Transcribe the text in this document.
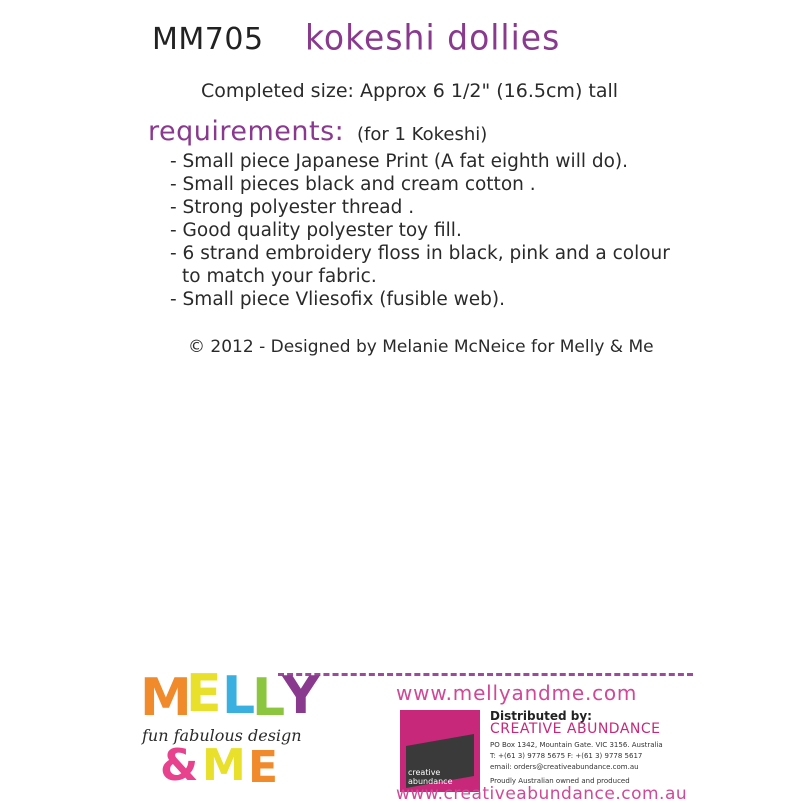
MM705 kokeshi dollies
Completed size: Approx 6 1/2" (16.5cm) tall
requirements: (for 1 Kokeshi)
- Small piece Japanese Print (A fat eighth will do).
- Small pieces black and cream cotton .
- Strong polyester thread .
- Good quality polyester toy fill.
- 6 strand embroidery floss in black, pink and a colour to match your fabric.
- Small piece Vliesofix (fusible web).
© 2012 - Designed by Melanie McNeice for Melly & Me
M
E L
L
Y
fun fabulous design
& M E
www.mellyandme.com
creative abundance
Distributed by:
CREATIVE ABUNDANCE
PO Box 1342, Mountain Gate. VIC 3156. Australia
T: +(61 3) 9778 5675 F: +(61 3) 9778 5617
email: orders@creativeabundance.com.au
Proudly Australian owned and produced
www.creativeabundance.com.au
